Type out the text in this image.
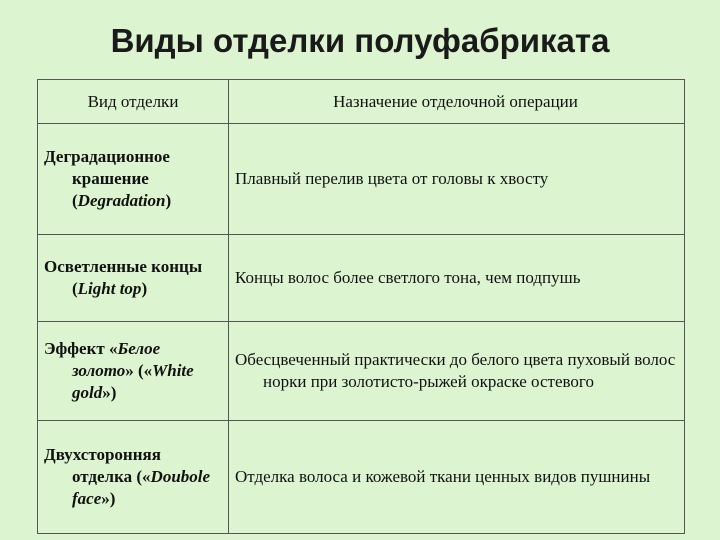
Виды отделки полуфабриката
Вид отделки	Назначение отделочной операции

Деградационное крашение (Degradation)	Плавный перелив цвета от головы к хвосту

Осветленные концы (Light top)	Концы волос более светлого тона, чем подпушь

Эффект «Белое золото» («White gold»)	Обесцвеченный практически до белого цвета пуховый волос норки при золотисто-рыжей окраске остевого

Двухсторонняя отделка («Doubole face»)	Отделка волоса и кожевой ткани ценных видов пушнины
